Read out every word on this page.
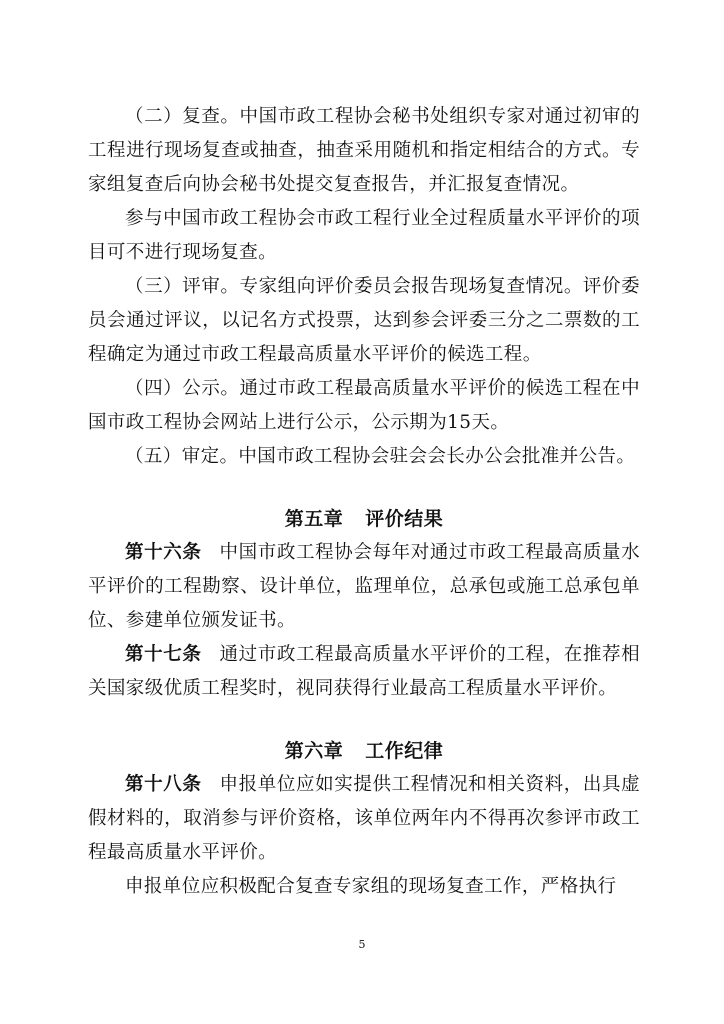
（二）复查。中国市政工程协会秘书处组织专家对通过初审的工程进行现场复查或抽查，抽查采用随机和指定相结合的方式。专家组复查后向协会秘书处提交复查报告，并汇报复查情况。

参与中国市政工程协会市政工程行业全过程质量水平评价的项目可不进行现场复查。

（三）评审。专家组向评价委员会报告现场复查情况。评价委员会通过评议，以记名方式投票，达到参会评委三分之二票数的工程确定为通过市政工程最高质量水平评价的候选工程。

（四）公示。通过市政工程最高质量水平评价的候选工程在中国市政工程协会网站上进行公示，公示期为15天。

（五）审定。中国市政工程协会驻会会长办公会批准并公告。

第五章 评价结果

第十六条 中国市政工程协会每年对通过市政工程最高质量水平评价的工程勘察、设计单位，监理单位，总承包或施工总承包单位、参建单位颁发证书。

第十七条 通过市政工程最高质量水平评价的工程，在推荐相关国家级优质工程奖时，视同获得行业最高工程质量水平评价。

第六章 工作纪律

第十八条 申报单位应如实提供工程情况和相关资料，出具虚假材料的，取消参与评价资格，该单位两年内不得再次参评市政工程最高质量水平评价。

申报单位应积极配合复查专家组的现场复查工作，严格执行

5
